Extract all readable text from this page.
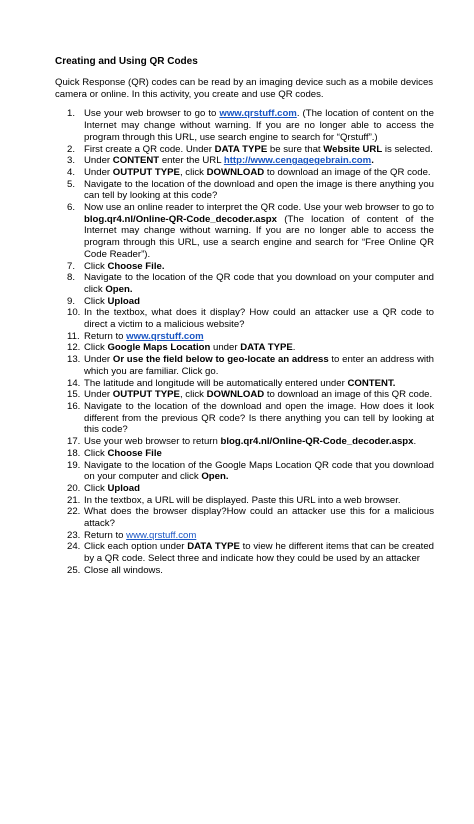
Creating and Using QR Codes

Quick Response (QR) codes can be read by an imaging device such as a mobile devices camera or online. In this activity, you create and use QR codes.

1. Use your web browser to go to www.qrstuff.com. (The location of content on the Internet may change without warning. If you are no longer able to access the program through this URL, use search engine to search for “Qrstuff”.)
2. First create a QR code. Under DATA TYPE be sure that Website URL is selected.
3. Under CONTENT enter the URL http://www.cengagegebrain.com.
4. Under OUTPUT TYPE, click DOWNLOAD to download an image of the QR code.
5. Navigate to the location of the download and open the image is there anything you can tell by looking at this code?
6. Now use an online reader to interpret the QR code. Use your web browser to go to blog.qr4.nl/Online-QR-Code_decoder.aspx (The location of content of the Internet may change without warning. If you are no longer able to access the program through this URL, use a search engine and search for “Free Online QR Code Reader”).
7. Click Choose File.
8. Navigate to the location of the QR code that you download on your computer and click Open.
9. Click Upload
10. In the textbox, what does it display? How could an attacker use a QR code to direct a victim to a malicious website?
11. Return to www.qrstuff.com
12. Click Google Maps Location under DATA TYPE.
13. Under Or use the field below to geo-locate an address to enter an address with which you are familiar. Click go.
14. The latitude and longitude will be automatically entered under CONTENT.
15. Under OUTPUT TYPE, click DOWNLOAD to download an image of this QR code.
16. Navigate to the location of the download and open the image. How does it look different from the previous QR code? Is there anything you can tell by looking at this code?
17. Use your web browser to return blog.qr4.nl/Online-QR-Code_decoder.aspx.
18. Click Choose File
19. Navigate to the location of the Google Maps Location QR code that you download on your computer and click Open.
20. Click Upload
21. In the textbox, a URL will be displayed. Paste this URL into a web browser.
22. What does the browser display?How could an attacker use this for a malicious attack?
23. Return to www.qrstuff.com
24. Click each option under DATA TYPE to view he different items that can be created by a QR code. Select three and indicate how they could be used by an attacker
25. Close all windows.
